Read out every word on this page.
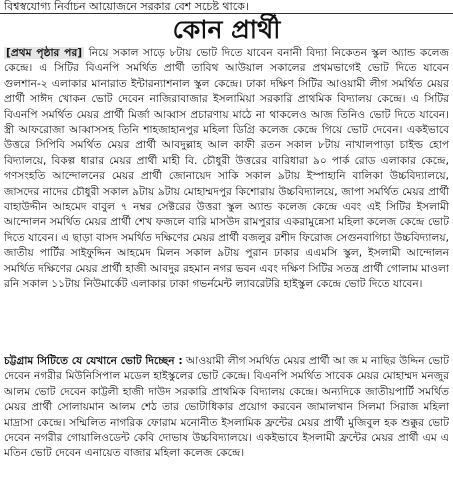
বিশ্বস্বযোগ্য নির্বাচন আয়োজনে সরকার বেশ সচেষ্ট থাকে।
কোন প্রার্থী
[প্রথম পৃষ্ঠার পর] নিয়ে সকাল সাড়ে ৮টায় ভোট দিতে যাবেন বনানী বিদ্যা নিকেতন স্কুল অ্যান্ড কলেজ কেন্দ্রে। এ সিটির বিএনপি সমর্থিত প্রার্থী তাবিথ আউয়াল সকালের প্রথমভাগেই ভোট দিতে যাবেন গুলশান-২ এলাকার মানারাত ইন্টারন্যাশনাল স্কুল কেন্দ্রে। ঢাকা দক্ষিণ সিটির আওয়ামী লীগ সমর্থিত মেয়র প্রার্থী সাঈদ খোকন ভোট দেবেন নাজিরাবাজার ইসলামিয়া সরকারি প্রাথমিক বিদ্যালয় কেন্দ্রে। এ সিটির বিএনপি সমর্থিত মেয়র প্রার্থী মির্জা আব্বাস প্রচারণায় মাঠে না থাকলেও আজ তিনিও ভোট দিতে যাবেন। স্ত্রী আফরোজা আব্বাসসহ তিনি শাহজাহানপুর মহিলা ডিগ্রি কলেজ কেন্দ্রে গিয়ে ভোট দেবেন। একইভাবে উত্তরে সিপিবি সমর্থিত মেয়র প্রার্থী আবদুল্লাহ আল কাফী রতন সকাল ৮টায় নাখালপাড়া চাইল্ড হোপ বিদ্যালয়ে, বিকল্প ধারার মেয়র প্রার্থী মাহী বি. চৌধুরী উত্তরের বারিধারা ৯০ পার্ক রোড এলাকার কেন্দ্রে, গণসংহতি আন্দোলনের মেয়র প্রার্থী জোনায়েদ সাকি সকাল ৯টায় ইস্পাহানি বালিকা উচ্চবিদ্যালয়ে, জাসদের নাদের চৌধুরী সকাল ৯টায় ৯টায় মোহাম্মদপুর কিশোরায় উচ্চবিদ্যালয়ে, জাপা সমর্থিত মেয়র প্রার্থী বাহাউদ্দীন আহমেদ বাবুল ৭ নম্বর সেক্টরের উত্তরা স্কুল অ্যান্ড কলেজ কেন্দ্রে এবং এই সিটির ইসলামী আন্দোলন সমর্থিত মেয়র প্রার্থী শেখ ফজলে বারি মাসউদ রামপুরার একরামুন্নেসা মহিলা কলেজ কেন্দ্রে ভোট দিতে যাবেন। এ ছাড়া বাসদ সমর্থিত দক্ষিণের মেয়র প্রার্থী বজলুর রশীদ ফিরোজ সেগুনবাগিচা উচ্চবিদ্যালয়, জাতীয় পার্টির সাইফুদ্দিন আহমেদ মিলন সকাল ৯টায় পুরান ঢাকার এএমসি স্কুল, ইসলামী আন্দোলন সমর্থিত দক্ষিণের মেয়র প্রার্থী হাজী আবদুর রহমান নগর ভবন এবং দক্ষিণ সিটির সতন্ত্র প্রার্থী গোলাম মাওলা রনি সকাল ১১টায় নিউমার্কেট এলাকার ঢাকা গভর্নমেন্ট ল্যাবরেটরি হাইস্কুল কেন্দ্রে ভোট দিতে যাবেন।
চট্টগ্রাম সিটিতে যে যেখানে ভোট দিচ্ছেন : আওয়ামী লীগ সমর্থিত মেয়র প্রার্থী আ জ ম নাছির উদ্দিন ভোট দেবেন নগরীর মিউনিসিপাল মডেল হাইস্কুলের ভোট কেন্দ্রে। বিএনপি সমর্থিত সাবেক মেয়র মোহাম্মদ মনজুর আলম ভোট দেবেন কাট্টলী হাজী দাউদ সরকারি প্রাথমিক বিদ্যালয় কেন্দ্রে। অন্যদিকে জাতীয়পার্টি সমর্থিত মেয়র প্রার্থী সোলায়মান আলম শেঠ তার ভোটাধিকার প্রয়োগ করবেন জামালখান সিলমা সিরাজ মহিলা মাদ্রাসা কেন্দ্রে। সম্মিলিত নাগরিক ফোরাম মনোনীত ইসলামিক ফ্রন্টের মেয়র প্রার্থী মুজিবুল হক শুক্কুর ভোট দেবেন নগরীর গোয়ালিওডেন্ট কেবি দোভাষ উচ্চবিদ্যালয়ে। একইভাবে ইসলামী ফ্রন্টের মেয়র প্রার্থী এম এ মতিন ভোট দেবেন এনায়েত বাজার মহিলা কলেজ কেন্দ্রে।
